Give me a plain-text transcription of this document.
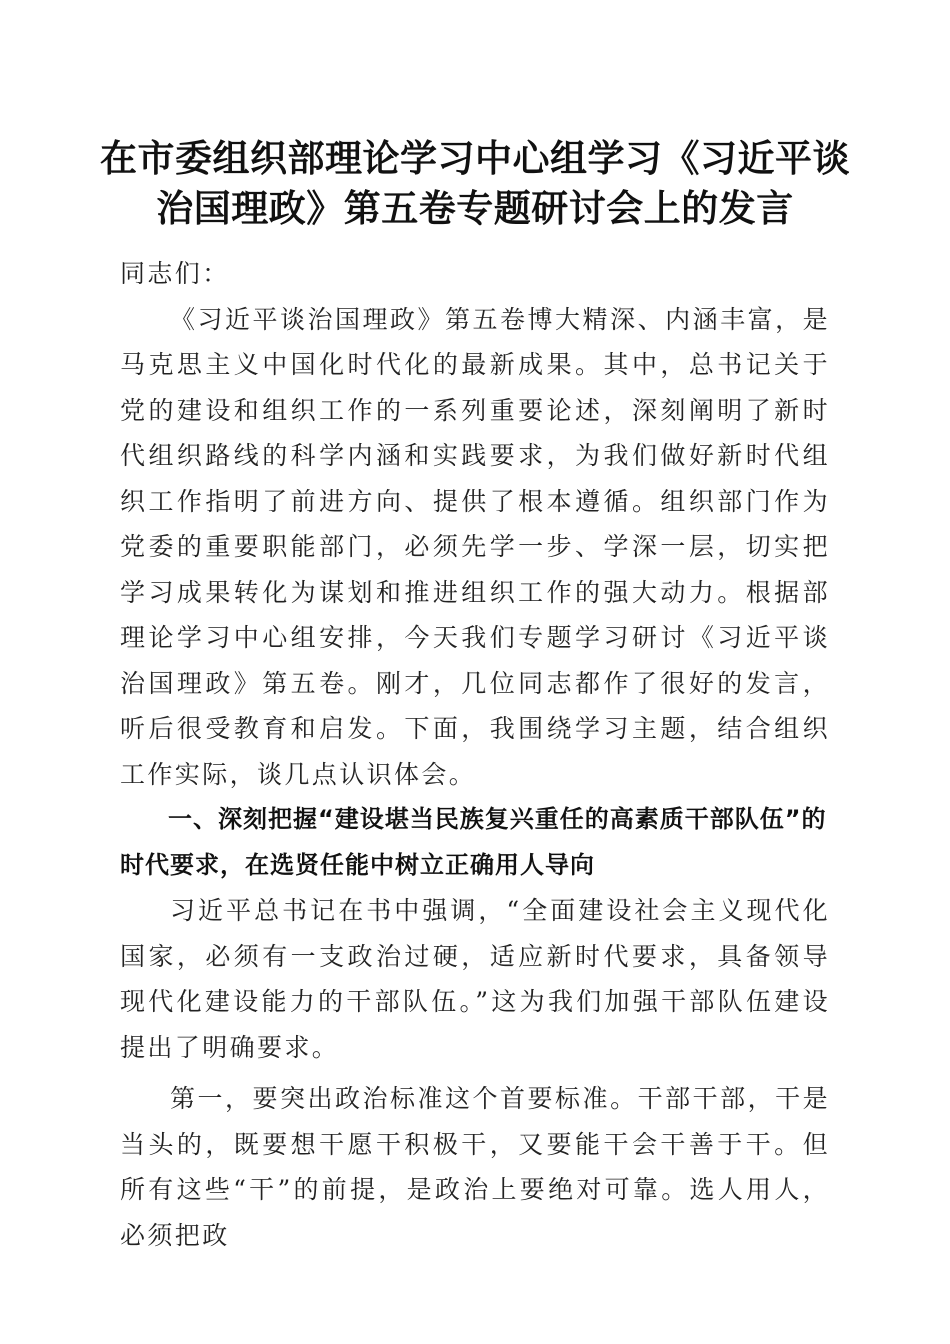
在市委组织部理论学习中心组学习《习近平谈
治国理政》第五卷专题研讨会上的发言

同志们：

《习近平谈治国理政》第五卷博大精深、内涵丰富，是马克思主义中国化时代化的最新成果。其中，总书记关于党的建设和组织工作的一系列重要论述，深刻阐明了新时代组织路线的科学内涵和实践要求，为我们做好新时代组织工作指明了前进方向、提供了根本遵循。组织部门作为党委的重要职能部门，必须先学一步、学深一层，切实把学习成果转化为谋划和推进组织工作的强大动力。根据部理论学习中心组安排，今天我们专题学习研讨《习近平谈治国理政》第五卷。刚才，几位同志都作了很好的发言，听后很受教育和启发。下面，我围绕学习主题，结合组织工作实际，谈几点认识体会。

一、深刻把握“建设堪当民族复兴重任的高素质干部队伍”的时代要求，在选贤任能中树立正确用人导向

习近平总书记在书中强调，“全面建设社会主义现代化国家，必须有一支政治过硬，适应新时代要求，具备领导现代化建设能力的干部队伍。”这为我们加强干部队伍建设提出了明确要求。

第一，要突出政治标准这个首要标准。干部干部，干是当头的，既要想干愿干积极干，又要能干会干善于干。但所有这些“干”的前提，是政治上要绝对可靠。选人用人，必须把政
